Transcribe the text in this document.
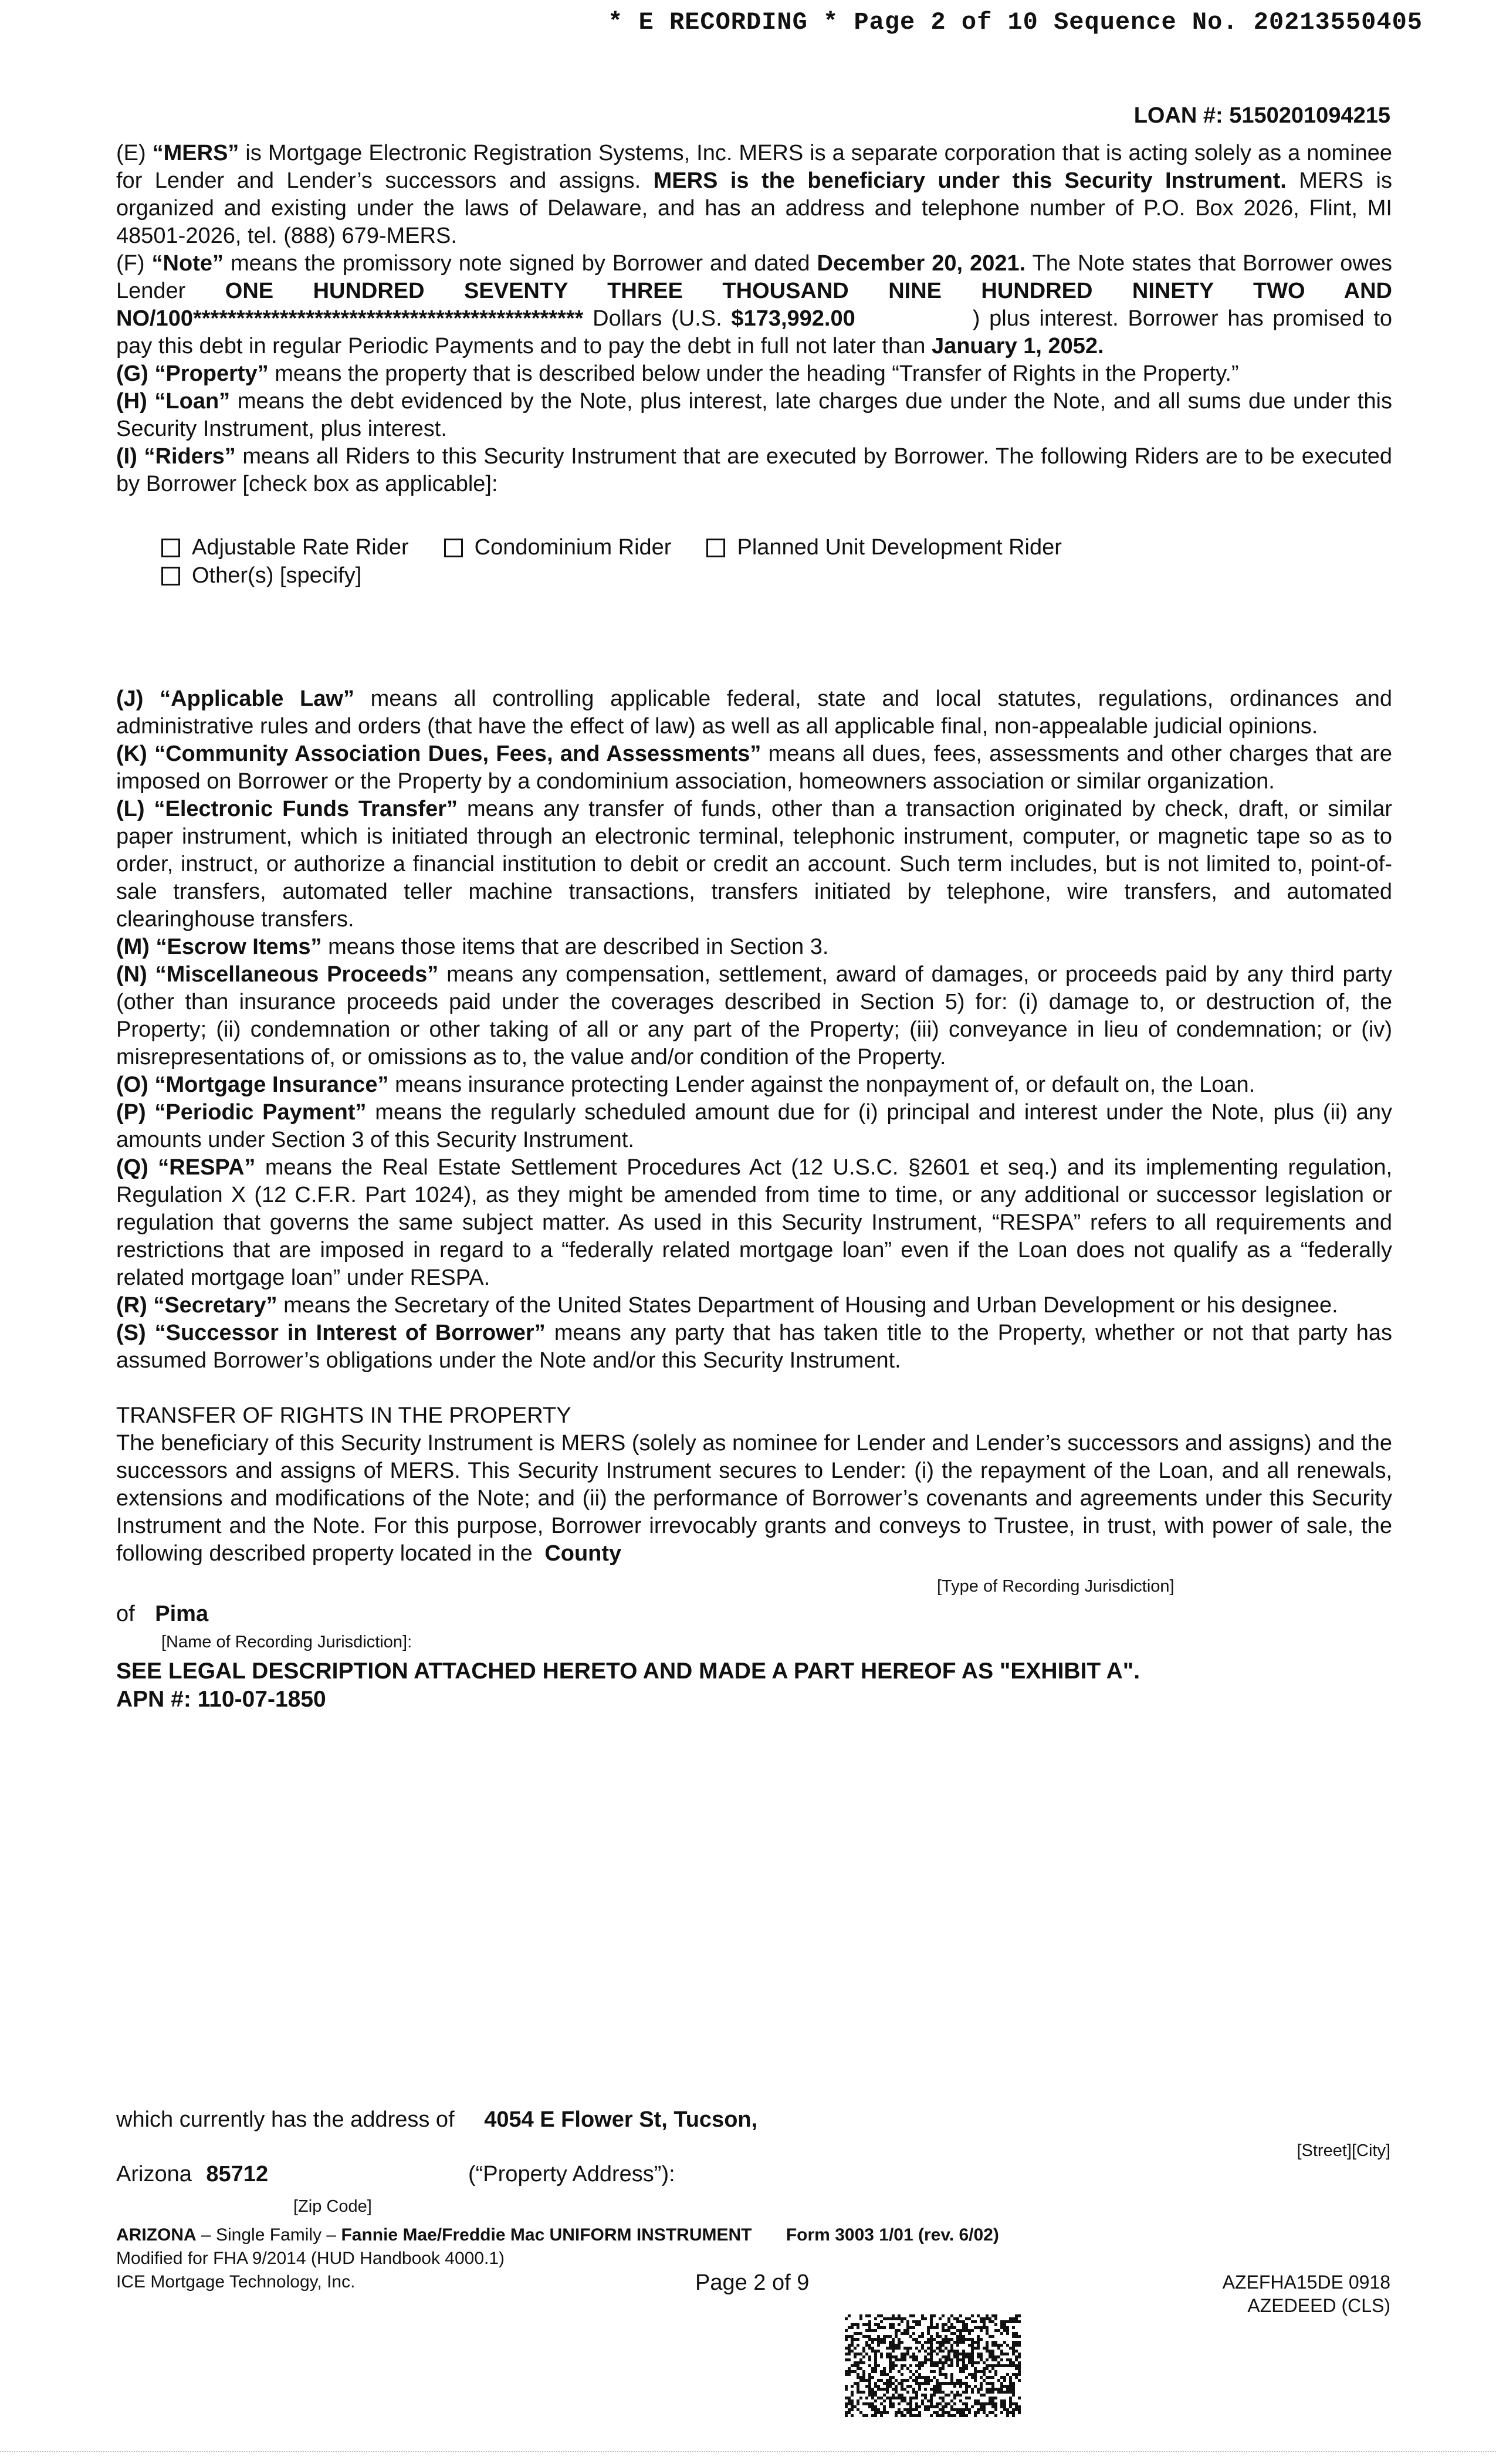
* E RECORDING * Page 2 of 10 Sequence No. 20213550405
LOAN #: 5150201094215

(E) “MERS” is Mortgage Electronic Registration Systems, Inc. MERS is a separate corporation that is acting solely as a nominee for Lender and Lender’s successors and assigns. MERS is the beneficiary under this Security Instrument. MERS is organized and existing under the laws of Delaware, and has an address and telephone number of P.O. Box 2026, Flint, MI 48501-2026, tel. (888) 679-MERS.

(F) “Note” means the promissory note signed by Borrower and dated December 20, 2021. The Note states that Borrower owes Lender ONE HUNDRED SEVENTY THREE THOUSAND NINE HUNDRED NINETY TWO AND NO/100********************************************* Dollars (U.S. $173,992.00	) plus interest. Borrower has promised to pay this debt in regular Periodic Payments and to pay the debt in full not later than January 1, 2052.

(G) “Property” means the property that is described below under the heading “Transfer of Rights in the Property.”

(H) “Loan” means the debt evidenced by the Note, plus interest, late charges due under the Note, and all sums due under this Security Instrument, plus interest.

(I) “Riders” means all Riders to this Security Instrument that are executed by Borrower. The following Riders are to be executed by Borrower [check box as applicable]:

Adjustable Rate Rider	Condominium Rider	Planned Unit Development Rider
Other(s) [specify]

(J) “Applicable Law” means all controlling applicable federal, state and local statutes, regulations, ordinances and administrative rules and orders (that have the effect of law) as well as all applicable final, non-appealable judicial opinions.

(K) “Community Association Dues, Fees, and Assessments” means all dues, fees, assessments and other charges that are imposed on Borrower or the Property by a condominium association, homeowners association or similar organization.

(L) “Electronic Funds Transfer” means any transfer of funds, other than a transaction originated by check, draft, or similar paper instrument, which is initiated through an electronic terminal, telephonic instrument, computer, or magnetic tape so as to order, instruct, or authorize a financial institution to debit or credit an account. Such term includes, but is not limited to, point-of-sale transfers, automated teller machine transactions, transfers initiated by telephone, wire transfers, and automated clearinghouse transfers.

(M) “Escrow Items” means those items that are described in Section 3.

(N) “Miscellaneous Proceeds” means any compensation, settlement, award of damages, or proceeds paid by any third party (other than insurance proceeds paid under the coverages described in Section 5) for: (i) damage to, or destruction of, the Property; (ii) condemnation or other taking of all or any part of the Property; (iii) conveyance in lieu of condemnation; or (iv) misrepresentations of, or omissions as to, the value and/or condition of the Property.

(O) “Mortgage Insurance” means insurance protecting Lender against the nonpayment of, or default on, the Loan.

(P) “Periodic Payment” means the regularly scheduled amount due for (i) principal and interest under the Note, plus (ii) any amounts under Section 3 of this Security Instrument.

(Q) “RESPA” means the Real Estate Settlement Procedures Act (12 U.S.C. §2601 et seq.) and its implementing regulation, Regulation X (12 C.F.R. Part 1024), as they might be amended from time to time, or any additional or successor legislation or regulation that governs the same subject matter. As used in this Security Instrument, “RESPA” refers to all requirements and restrictions that are imposed in regard to a “federally related mortgage loan” even if the Loan does not qualify as a “federally related mortgage loan” under RESPA.

(R) “Secretary” means the Secretary of the United States Department of Housing and Urban Development or his designee.

(S) “Successor in Interest of Borrower” means any party that has taken title to the Property, whether or not that party has assumed Borrower’s obligations under the Note and/or this Security Instrument.

TRANSFER OF RIGHTS IN THE PROPERTY

The beneficiary of this Security Instrument is MERS (solely as nominee for Lender and Lender’s successors and assigns) and the successors and assigns of MERS. This Security Instrument secures to Lender: (i) the repayment of the Loan, and all renewals, extensions and modifications of the Note; and (ii) the performance of Borrower’s covenants and agreements under this Security Instrument and the Note. For this purpose, Borrower irrevocably grants and conveys to Trustee, in trust, with power of sale, the following described property located in the County

[Type of Recording Jurisdiction]
of Pima
[Name of Recording Jurisdiction]:
SEE LEGAL DESCRIPTION ATTACHED HERETO AND MADE A PART HEREOF AS "EXHIBIT A".
APN #: 110-07-1850
which currently has the address of 4054 E Flower St, Tucson,
[Street][City]
Arizona 85712	(“Property Address”):
[Zip Code]
ARIZONA – Single Family – Fannie Mae/Freddie Mac UNIFORM INSTRUMENT Form 3003 1/01 (rev. 6/02)
Modified for FHA 9/2014 (HUD Handbook 4000.1)
ICE Mortgage Technology, Inc.	Page 2 of 9	AZEFHA15DE 0918
AZEDEED (CLS)
